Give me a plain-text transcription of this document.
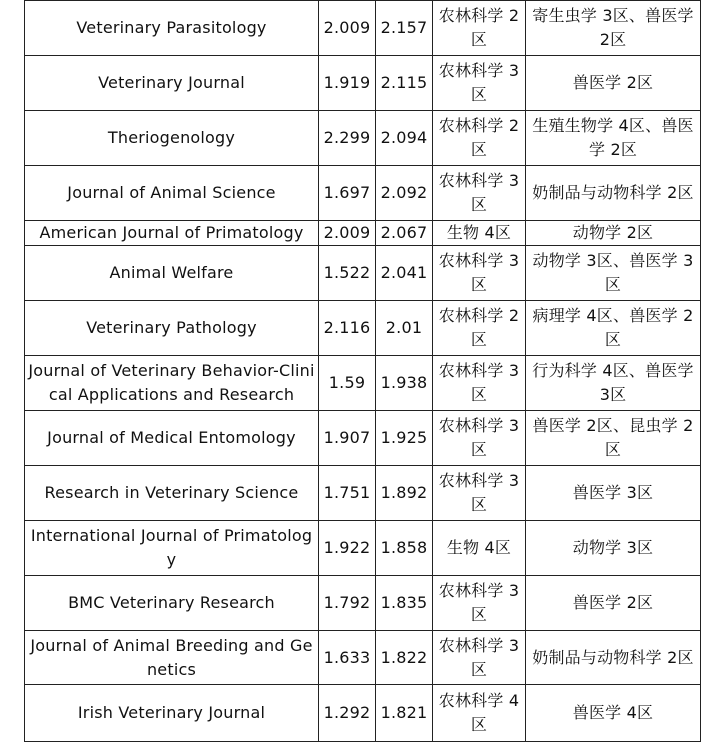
Veterinary Parasitology	2.009	2.157	农林科学 2区	寄生虫学 3区、兽医学 2区
Veterinary Journal	1.919	2.115	农林科学 3区	兽医学 2区
Theriogenology	2.299	2.094	农林科学 2区	生殖生物学 4区、兽医学 2区
Journal of Animal Science	1.697	2.092	农林科学 3区	奶制品与动物科学 2区
American Journal of Primatology	2.009	2.067	生物 4区	动物学 2区
Animal Welfare	1.522	2.041	农林科学 3区	动物学 3区、兽医学 3区
Veterinary Pathology	2.116	2.01	农林科学 2区	病理学 4区、兽医学 2区
Journal of Veterinary Behavior-Clinical Applications and Research	1.59	1.938	农林科学 3区	行为科学 4区、兽医学 3区
Journal of Medical Entomology	1.907	1.925	农林科学 3区	兽医学 2区、昆虫学 2区
Research in Veterinary Science	1.751	1.892	农林科学 3区	兽医学 3区
International Journal of Primatology	1.922	1.858	生物 4区	动物学 3区
BMC Veterinary Research	1.792	1.835	农林科学 3区	兽医学 2区
Journal of Animal Breeding and Genetics	1.633	1.822	农林科学 3区	奶制品与动物科学 2区
Irish Veterinary Journal	1.292	1.821	农林科学 4区	兽医学 4区
